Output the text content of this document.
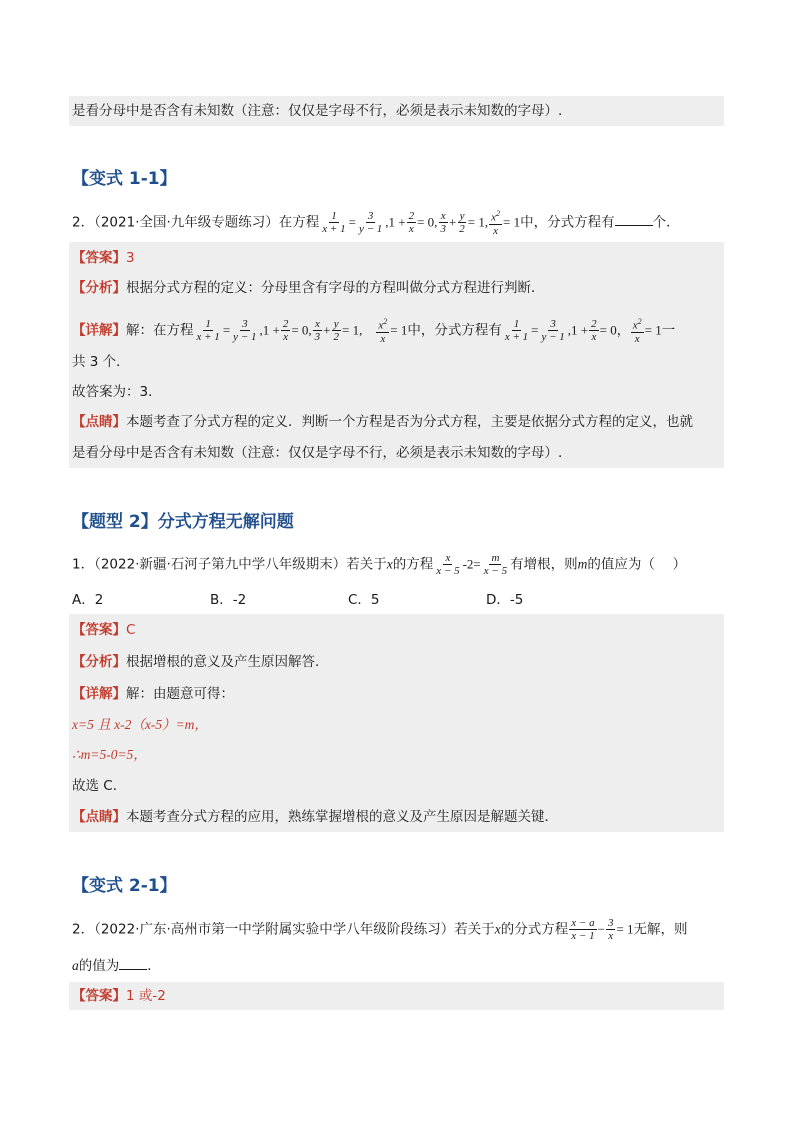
是看分母中是否含有未知数（注意：仅仅是字母不行，必须是表示未知数的字母）.
【变式 1-1】
2．（2021·全国·九年级专题练习）在方程 $\frac{1}{x + 1} = \frac{3}{y - 1} ,1 + \frac{2}{x} = 0$, $\frac{x}{3} + \frac{y}{2} = 1$, $\frac{x^2}{x} = 1$中，分式方程有	个．
【答案】3
【分析】根据分式方程的定义：分母里含有字母的方程叫做分式方程进行判断．
【详解】解：在方程 $\frac{1}{x + 1} = \frac{3}{y - 1} ,1 + \frac{2}{x} = 0$, $\frac{x}{3} + \frac{y}{2} = 1$,　 $\frac{x^2}{x} = 1$中，分式方程有 $\frac{1}{x + 1} = \frac{3}{y - 1} ,1 + \frac{2}{x} = 0$， $\frac{x^2}{x} = 1$一
共 3 个．
故答案为：3．
【点睛】本题考查了分式方程的定义．判断一个方程是否为分式方程，主要是依据分式方程的定义，也就
是看分母中是否含有未知数（注意：仅仅是字母不行，必须是表示未知数的字母）.
【题型 2】分式方程无解问题
1．（2022·新疆·石河子第九中学八年级期末）若关于x的方程 $\frac{x}{x - 5} -2= \frac{m}{x - 5}$ 有增根，则m的值应为（　 ）
A．2	B．-2	C．5	D．-5
【答案】C
【分析】根据增根的意义及产生原因解答．
【详解】解：由题意可得：
x=5 且 x-2（x-5）=m，
∴m=5-0=5，
故选 C．
【点睛】本题考查分式方程的应用，熟练掌握增根的意义及产生原因是解题关键．
【变式 2-1】
2．（2022·广东·高州市第一中学附属实验中学八年级阶段练习）若关于x的分式方程 $\frac{x - a}{x - 1} - \frac{3}{x} = 1$无解，则
a的值为 ．
【答案】1 或-2
